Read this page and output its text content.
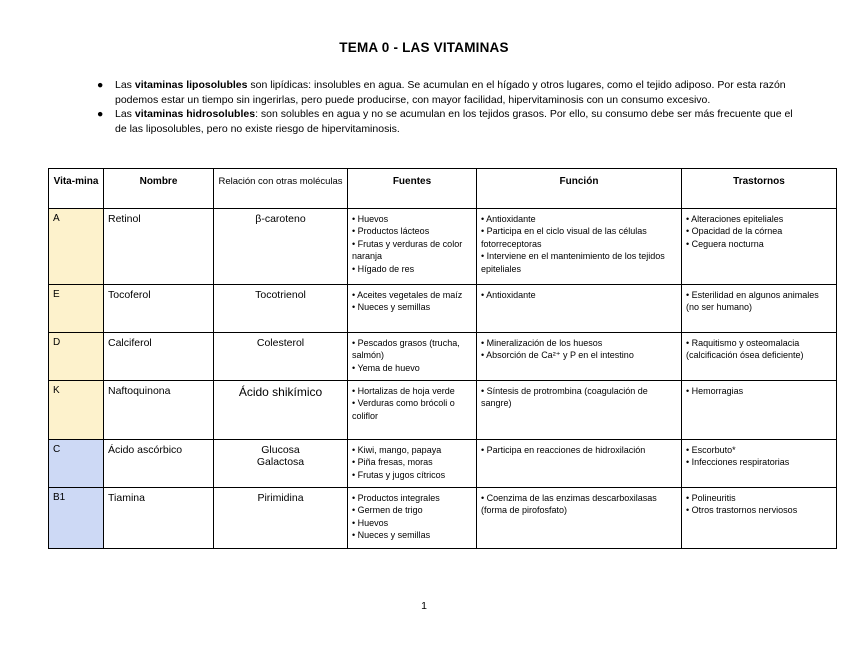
TEMA 0 - LAS VITAMINAS
● Las vitaminas liposolubles son lipídicas: insolubles en agua. Se acumulan en el hígado y otros lugares, como el tejido adiposo. Por esta razón podemos estar un tiempo sin ingerirlas, pero puede producirse, con mayor facilidad, hipervitaminosis con un consumo excesivo.
● Las vitaminas hidrosolubles: son solubles en agua y no se acumulan en los tejidos grasos. Por ello, su consumo debe ser más frecuente que el de las liposolubles, pero no existe riesgo de hipervitaminosis.
Vita-mina	Nombre	Relación con otras moléculas	Fuentes	Función	Trastornos
A	Retinol	β-caroteno	• Huevos
• Productos lácteos
• Frutas y verduras de color naranja
• Hígado de res	• Antioxidante
• Participa en el ciclo visual de las células fotorreceptoras
• Interviene en el mantenimiento de los tejidos epiteliales	• Alteraciones epiteliales
• Opacidad de la córnea
• Ceguera nocturna

E	Tocoferol	Tocotrienol	• Aceites vegetales de maíz
• Nueces y semillas	• Antioxidante	• Esterilidad en algunos animales (no ser humano)

D	Calciferol	Colesterol	• Pescados grasos (trucha, salmón)
• Yema de huevo	• Mineralización de los huesos
• Absorción de Ca²⁺ y P en el intestino	• Raquitismo y osteomalacia (calcificación ósea deficiente)

K	Naftoquinona	Ácido shikímico	• Hortalizas de hoja verde
• Verduras como brócoli o coliflor	• Síntesis de protrombina (coagulación de sangre)	• Hemorragias

C	Ácido ascórbico	Glucosa
Galactosa	• Kiwi, mango, papaya
• Piña fresas, moras
• Frutas y jugos cítricos	• Participa en reacciones de hidroxilación	• Escorbuto*
• Infecciones respiratorias

B1	Tiamina	Pirimidina	• Productos integrales
• Germen de trigo
• Huevos
• Nueces y semillas	• Coenzima de las enzimas descarboxilasas (forma de pirofosfato)	• Polineuritis
• Otros trastornos nerviosos
1
